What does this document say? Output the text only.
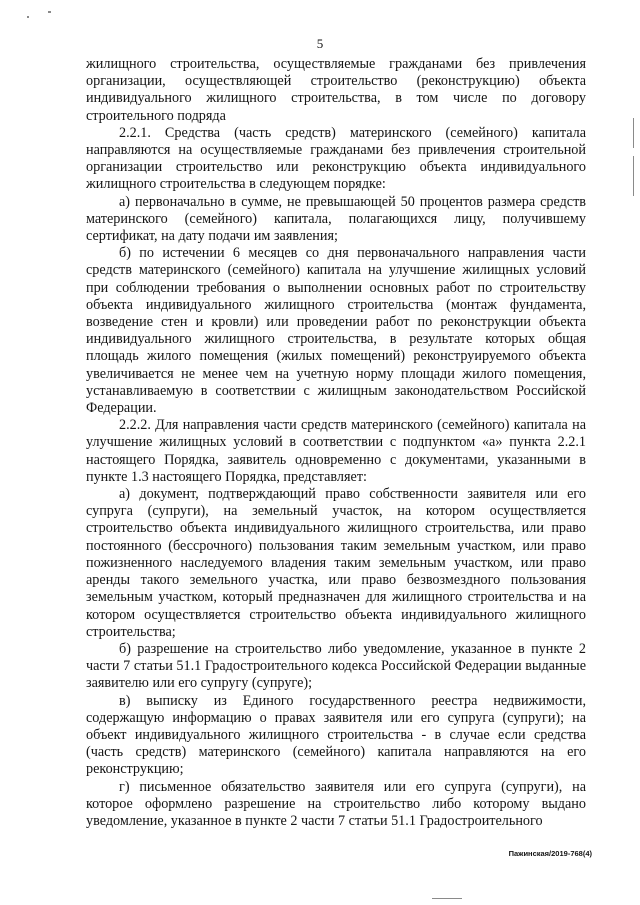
5

жилищного строительства, осуществляемые гражданами без привлечения организации, осуществляющей строительство (реконструкцию) объекта индивидуального жилищного строительства, в том числе по договору строительного подряда

2.2.1. Средства (часть средств) материнского (семейного) капитала направляются на осуществляемые гражданами без привлечения строительной организации строительство или реконструкцию объекта индивидуального жилищного строительства в следующем порядке:

а) первоначально в сумме, не превышающей 50 процентов размера средств материнского (семейного) капитала, полагающихся лицу, получившему сертификат, на дату подачи им заявления;

б) по истечении 6 месяцев со дня первоначального направления части средств материнского (семейного) капитала на улучшение жилищных условий при соблюдении требования о выполнении основных работ по строительству объекта индивидуального жилищного строительства (монтаж фундамента, возведение стен и кровли) или проведении работ по реконструкции объекта индивидуального жилищного строительства, в результате которых общая площадь жилого помещения (жилых помещений) реконструируемого объекта увеличивается не менее чем на учетную норму площади жилого помещения, устанавливаемую в соответствии с жилищным законодательством Российской Федерации.

2.2.2. Для направления части средств материнского (семейного) капитала на улучшение жилищных условий в соответствии с подпунктом «а» пункта 2.2.1 настоящего Порядка, заявитель одновременно с документами, указанными в пункте 1.3 настоящего Порядка, представляет:

а) документ, подтверждающий право собственности заявителя или его супруга (супруги), на земельный участок, на котором осуществляется строительство объекта индивидуального жилищного строительства, или право постоянного (бессрочного) пользования таким земельным участком, или право пожизненного наследуемого владения таким земельным участком, или право аренды такого земельного участка, или право безвозмездного пользования земельным участком, который предназначен для жилищного строительства и на котором осуществляется строительство объекта индивидуального жилищного строительства;

б) разрешение на строительство либо уведомление, указанное в пункте 2 части 7 статьи 51.1 Градостроительного кодекса Российской Федерации выданные заявителю или его супругу (супруге);

в) выписку из Единого государственного реестра недвижимости, содержащую информацию о правах заявителя или его супруга (супруги); на объект индивидуального жилищного строительства - в случае если средства (часть средств) материнского (семейного) капитала направляются на его реконструкцию;

г) письменное обязательство заявителя или его супруга (супруги), на которое оформлено разрешение на строительство либо которому выдано уведомление, указанное в пункте 2 части 7 статьи 51.1 Градостроительного

Пажинская/2019-768(4)
